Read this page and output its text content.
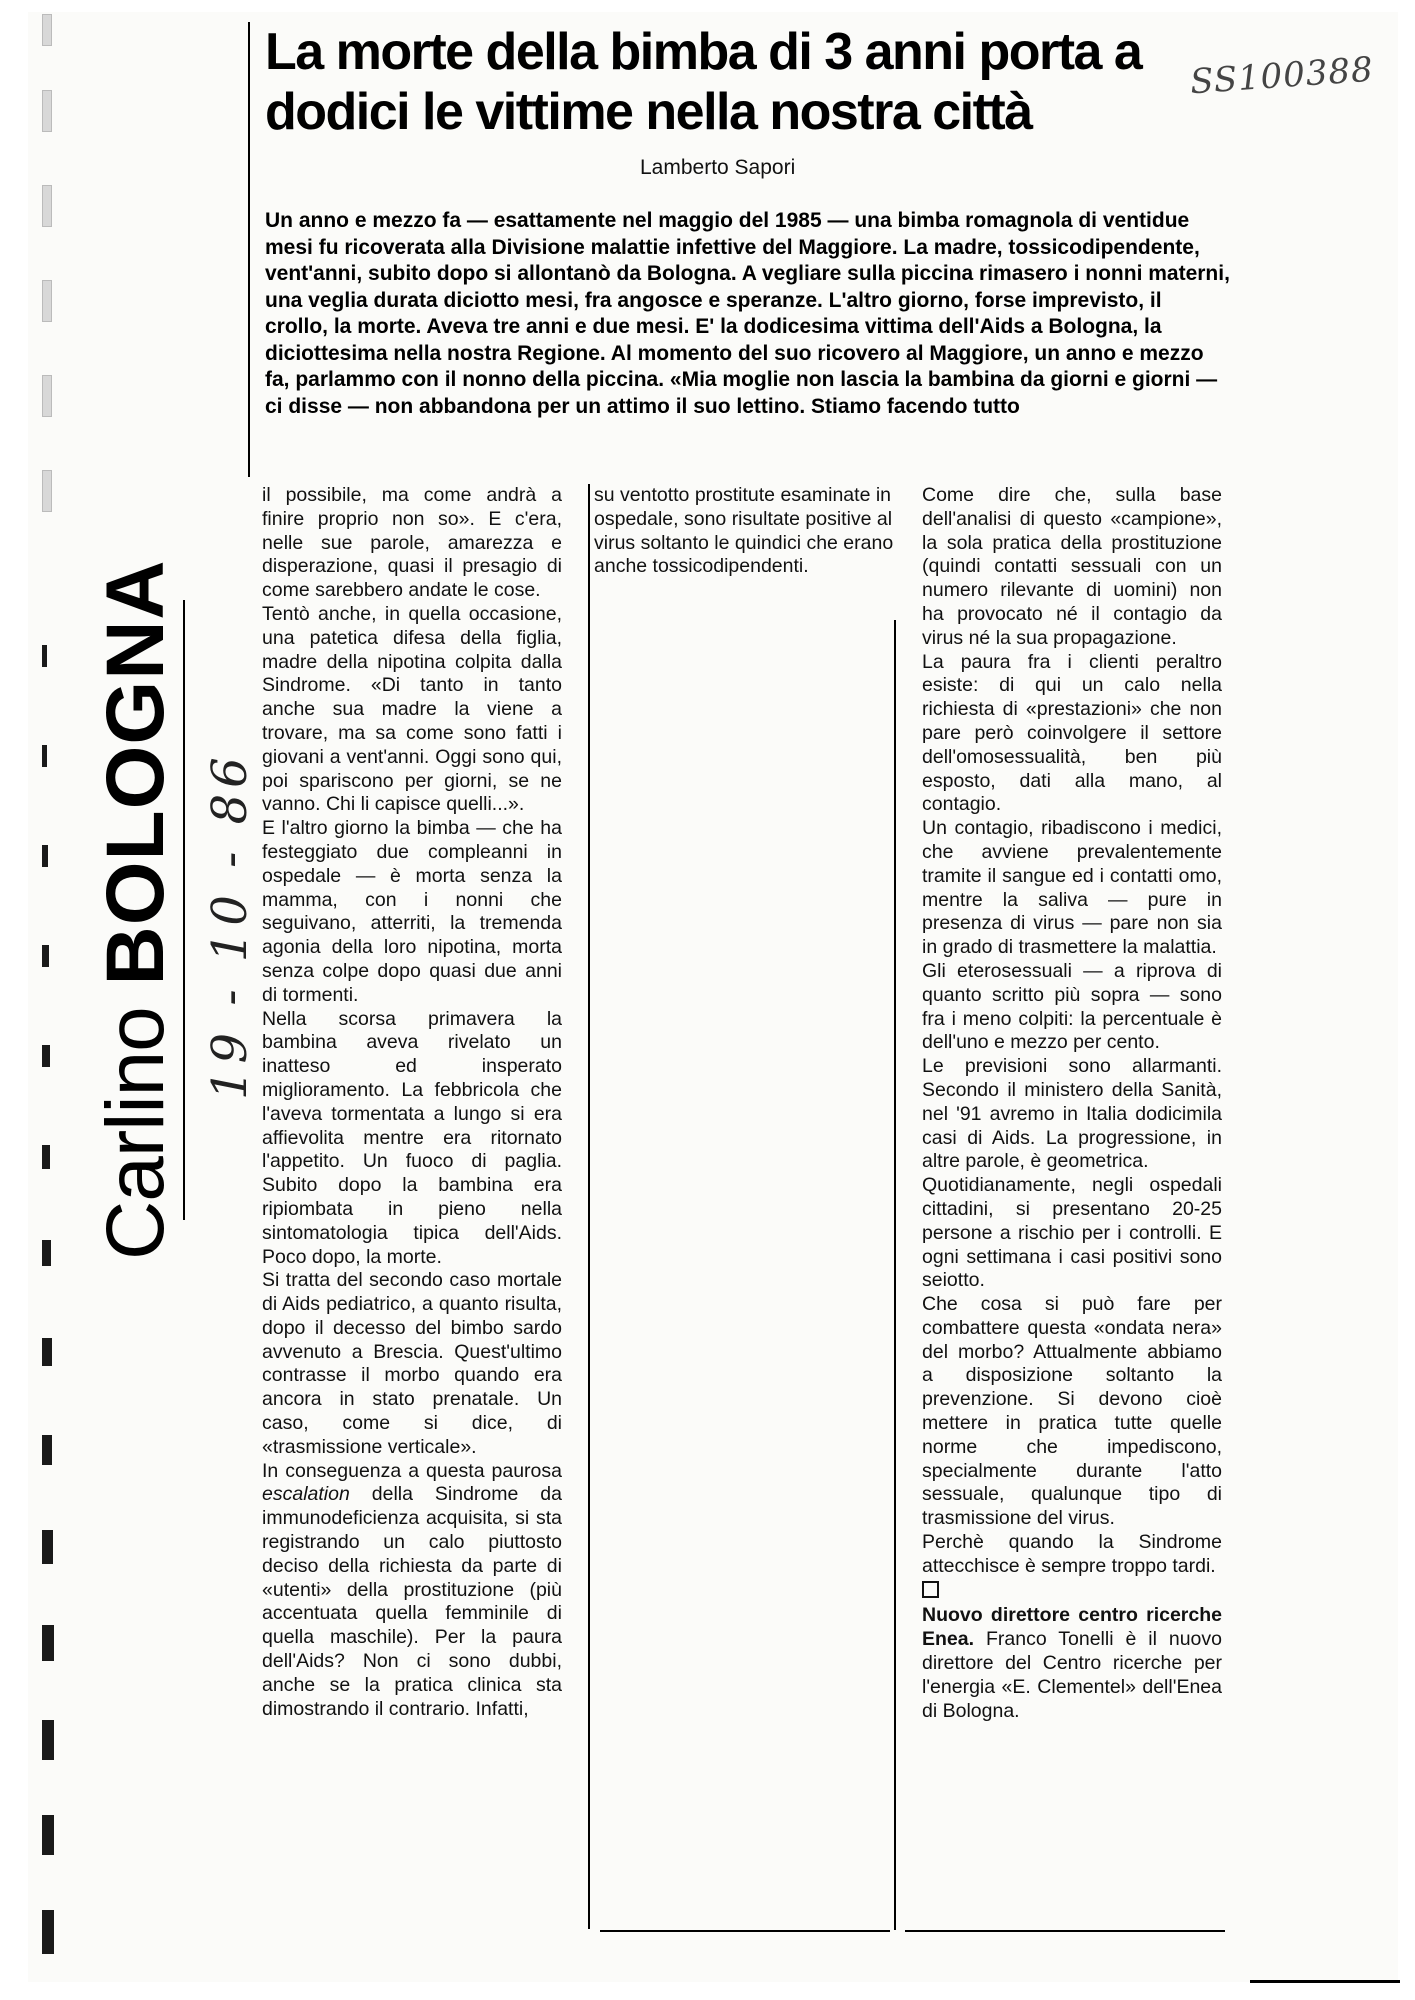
Carlino BOLOGNA 19 - 10 - 86
SS100388
La morte della bimba di 3 anni porta a dodici le vittime nella nostra città
Lamberto Sapori
Un anno e mezzo fa — esattamente nel maggio del 1985 — una bimba romagnola di ventidue mesi fu ricoverata alla Divisione malattie infettive del Maggiore. La madre, tossicodipendente, vent'anni, subito dopo si allontanò da Bologna. A vegliare sulla piccina rimasero i nonni materni, una veglia durata diciotto mesi, fra angosce e speranze. L'altro giorno, forse imprevisto, il crollo, la morte. Aveva tre anni e due mesi. E' la dodicesima vittima dell'Aids a Bologna, la diciottesima nella nostra Regione. Al momento del suo ricovero al Maggiore, un anno e mezzo fa, parlammo con il nonno della piccina. «Mia moglie non lascia la bambina da giorni e giorni — ci disse — non abbandona per un attimo il suo lettino. Stiamo facendo tutto

il possibile, ma come andrà a finire proprio non so». E c'era, nelle sue parole, amarezza e disperazione, quasi il presagio di come sarebbero andate le cose.

Tentò anche, in quella occasione, una patetica difesa della figlia, madre della nipotina colpita dalla Sindrome. «Di tanto in tanto anche sua madre la viene a trovare, ma sa come sono fatti i giovani a vent'anni. Oggi sono qui, poi spariscono per giorni, se ne vanno. Chi li capisce quelli...».

E l'altro giorno la bimba — che ha festeggiato due compleanni in ospedale — è morta senza la mamma, con i nonni che seguivano, atterriti, la tremenda agonia della loro nipotina, morta senza colpe dopo quasi due anni di tormenti.

Nella scorsa primavera la bambina aveva rivelato un inatteso ed insperato miglioramento. La febbricola che l'aveva tormentata a lungo si era affievolita mentre era ritornato l'appetito. Un fuoco di paglia. Subito dopo la bambina era ripiombata in pieno nella sintomatologia tipica dell'Aids. Poco dopo, la morte.

Si tratta del secondo caso mortale di Aids pediatrico, a quanto risulta, dopo il decesso del bimbo sardo avvenuto a Brescia. Quest'ultimo contrasse il morbo quando era ancora in stato prenatale. Un caso, come si dice, di «trasmissione verticale».

In conseguenza a questa paurosa escalation della Sindrome da immunodeficienza acquisita, si sta registrando un calo piuttosto deciso della richiesta da parte di «utenti» della prostituzione (più accentuata quella femminile di quella maschile). Per la paura dell'Aids? Non ci sono dubbi, anche se la pratica clinica sta dimostrando il contrario. Infatti,

su ventotto prostitute esaminate in ospedale, sono risultate positive al virus soltanto le quindici che erano anche tossicodipendenti.

Come dire che, sulla base dell'analisi di questo «campione», la sola pratica della prostituzione (quindi contatti sessuali con un numero rilevante di uomini) non ha provocato né il contagio da virus né la sua propagazione.

La paura fra i clienti peraltro esiste: di qui un calo nella richiesta di «prestazioni» che non pare però coinvolgere il settore dell'omosessualità, ben più esposto, dati alla mano, al contagio.

Un contagio, ribadiscono i medici, che avviene prevalentemente tramite il sangue ed i contatti omo, mentre la saliva — pure in presenza di virus — pare non sia in grado di trasmettere la malattia.

Gli eterosessuali — a riprova di quanto scritto più sopra — sono fra i meno colpiti: la percentuale è dell'uno e mezzo per cento.

Le previsioni sono allarmanti. Secondo il ministero della Sanità, nel '91 avremo in Italia dodicimila casi di Aids. La progressione, in altre parole, è geometrica.

Quotidianamente, negli ospedali cittadini, si presentano 20-25 persone a rischio per i controlli. E ogni settimana i casi positivi sono seiotto.

Che cosa si può fare per combattere questa «ondata nera» del morbo? Attualmente abbiamo a disposizione soltanto la prevenzione. Si devono cioè mettere in pratica tutte quelle norme che impediscono, specialmente durante l'atto sessuale, qualunque tipo di trasmissione del virus.

Perchè quando la Sindrome attecchisce è sempre troppo tardi.

Nuovo direttore centro ricerche Enea. Franco Tonelli è il nuovo direttore del Centro ricerche per l'energia «E. Clementel» dell'Enea di Bologna.
